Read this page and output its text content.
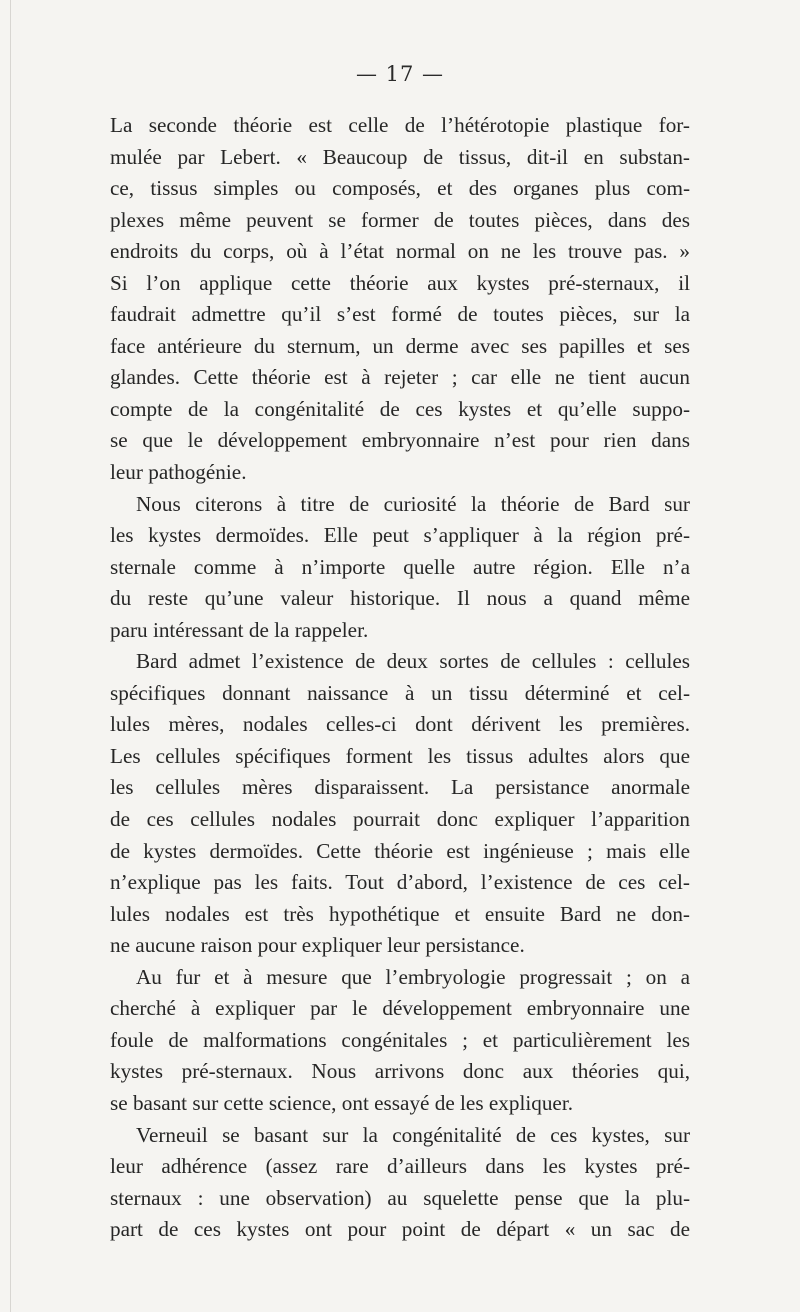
— 17 —
La seconde théorie est celle de l’hétérotopie plastique for-
mulée par Lebert. « Beaucoup de tissus, dit-il en substan-
ce, tissus simples ou composés, et des organes plus com-
plexes même peuvent se former de toutes pièces, dans des
endroits du corps, où à l’état normal on ne les trouve pas. »
Si l’on applique cette théorie aux kystes pré-sternaux, il
faudrait admettre qu’il s’est formé de toutes pièces, sur la
face antérieure du sternum, un derme avec ses papilles et ses
glandes. Cette théorie est à rejeter ; car elle ne tient aucun
compte de la congénitalité de ces kystes et qu’elle suppo-
se que le développement embryonnaire n’est pour rien dans
leur pathogénie.
Nous citerons à titre de curiosité la théorie de Bard sur
les kystes dermoïdes. Elle peut s’appliquer à la région pré-
sternale comme à n’importe quelle autre région. Elle n’a
du reste qu’une valeur historique. Il nous a quand même
paru intéressant de la rappeler.
Bard admet l’existence de deux sortes de cellules : cellules
spécifiques donnant naissance à un tissu déterminé et cel-
lules mères, nodales celles-ci dont dérivent les premières.
Les cellules spécifiques forment les tissus adultes alors que
les cellules mères disparaissent. La persistance anormale
de ces cellules nodales pourrait donc expliquer l’apparition
de kystes dermoïdes. Cette théorie est ingénieuse ; mais elle
n’explique pas les faits. Tout d’abord, l’existence de ces cel-
lules nodales est très hypothétique et ensuite Bard ne don-
ne aucune raison pour expliquer leur persistance.
Au fur et à mesure que l’embryologie progressait ; on a
cherché à expliquer par le développement embryonnaire une
foule de malformations congénitales ; et particulièrement les
kystes pré-sternaux. Nous arrivons donc aux théories qui,
se basant sur cette science, ont essayé de les expliquer.
Verneuil se basant sur la congénitalité de ces kystes, sur
leur adhérence (assez rare d’ailleurs dans les kystes pré-
sternaux : une observation) au squelette pense que la plu-
part de ces kystes ont pour point de départ « un sac de
